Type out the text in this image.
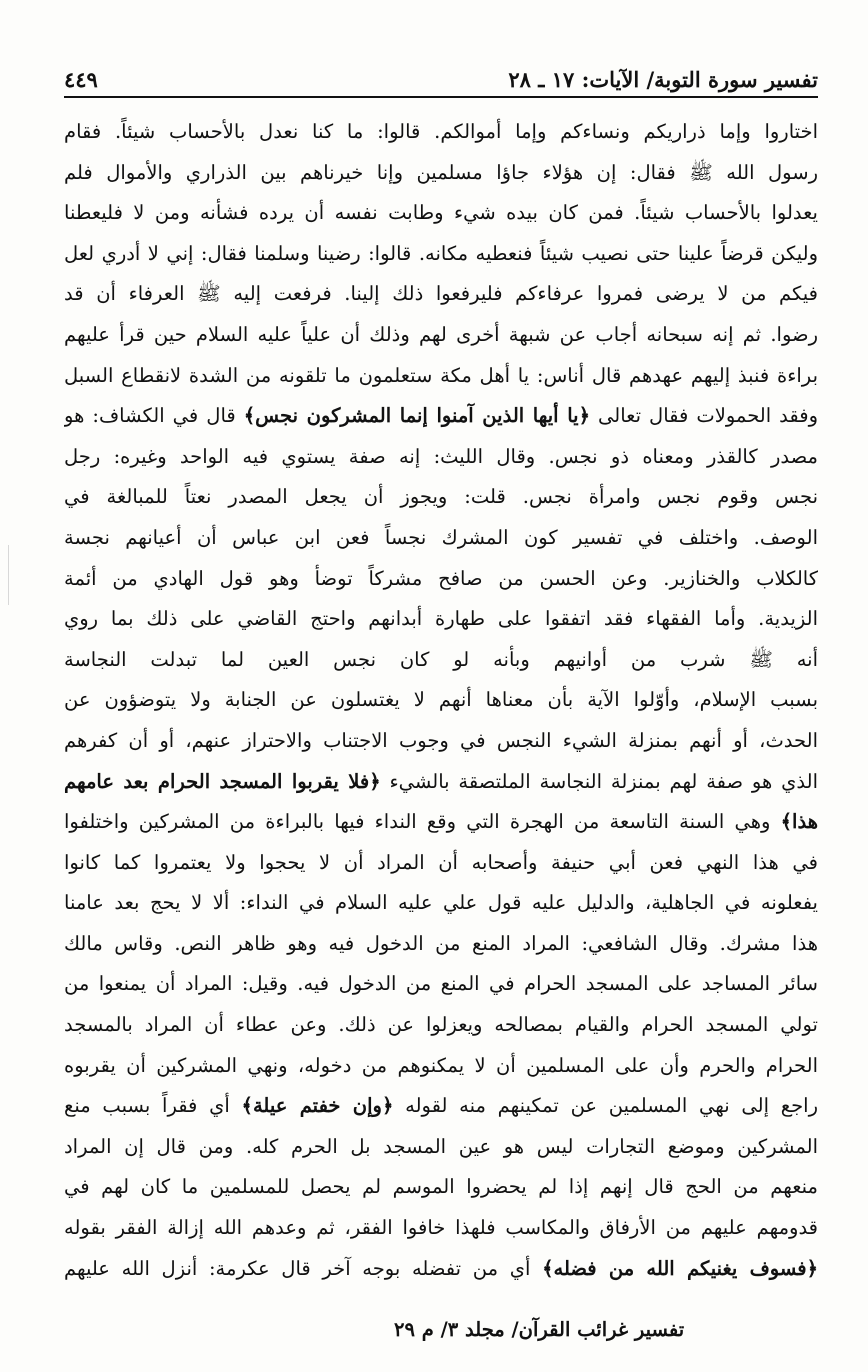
تفسير سورة التوبة/ الآيات: ١٧ ـ ٢٨
٤٤٩
اختاروا وإما ذراريكم ونساءكم وإما أموالكم. قالوا: ما كنا نعدل بالأحساب شيئاً. فقام
رسول الله ﷺ فقال: إن هؤلاء جاؤا مسلمين وإنا خيرناهم بين الذراري والأموال فلم
يعدلوا بالأحساب شيئاً. فمن كان بيده شيء وطابت نفسه أن يرده فشأنه ومن لا فليعطنا
وليكن قرضاً علينا حتى نصيب شيئاً فنعطيه مكانه. قالوا: رضينا وسلمنا فقال: إني لا أدري لعل
فيكم من لا يرضى فمروا عرفاءكم فليرفعوا ذلك إلينا. فرفعت إليه ﷺ العرفاء أن قد
رضوا. ثم إنه سبحانه أجاب عن شبهة أخرى لهم وذلك أن علياً عليه السلام حين قرأ عليهم
براءة فنبذ إليهم عهدهم قال أناس: يا أهل مكة ستعلمون ما تلقونه من الشدة لانقطاع السبل
وفقد الحمولات فقال تعالى ﴿يا أيها الذين آمنوا إنما المشركون نجس﴾ قال في الكشاف: هو
مصدر كالقذر ومعناه ذو نجس. وقال الليث: إنه صفة يستوي فيه الواحد وغيره: رجل
نجس وقوم نجس وامرأة نجس. قلت: ويجوز أن يجعل المصدر نعتاً للمبالغة في
الوصف. واختلف في تفسير كون المشرك نجساً فعن ابن عباس أن أعيانهم نجسة
كالكلاب والخنازير. وعن الحسن من صافح مشركاً توضأ وهو قول الهادي من أئمة
الزيدية. وأما الفقهاء فقد اتفقوا على طهارة أبدانهم واحتج القاضي على ذلك بما روي
أنه ﷺ شرب من أوانيهم وبأنه لو كان نجس العين لما تبدلت النجاسة
بسبب الإسلام، وأوّلوا الآية بأن معناها أنهم لا يغتسلون عن الجنابة ولا يتوضؤون عن
الحدث، أو أنهم بمنزلة الشيء النجس في وجوب الاجتناب والاحتراز عنهم، أو أن كفرهم
الذي هو صفة لهم بمنزلة النجاسة الملتصقة بالشيء ﴿فلا يقربوا المسجد الحرام بعد عامهم
هذا﴾ وهي السنة التاسعة من الهجرة التي وقع النداء فيها بالبراءة من المشركين واختلفوا
في هذا النهي فعن أبي حنيفة وأصحابه أن المراد أن لا يحجوا ولا يعتمروا كما كانوا
يفعلونه في الجاهلية، والدليل عليه قول علي عليه السلام في النداء: ألا لا يحج بعد عامنا
هذا مشرك. وقال الشافعي: المراد المنع من الدخول فيه وهو ظاهر النص. وقاس مالك
سائر المساجد على المسجد الحرام في المنع من الدخول فيه. وقيل: المراد أن يمنعوا من
تولي المسجد الحرام والقيام بمصالحه ويعزلوا عن ذلك. وعن عطاء أن المراد بالمسجد
الحرام والحرم وأن على المسلمين أن لا يمكنوهم من دخوله، ونهي المشركين أن يقربوه
راجع إلى نهي المسلمين عن تمكينهم منه لقوله ﴿وإن خفتم عيلة﴾ أي فقراً بسبب منع
المشركين وموضع التجارات ليس هو عين المسجد بل الحرم كله. ومن قال إن المراد
منعهم من الحج قال إنهم إذا لم يحضروا الموسم لم يحصل للمسلمين ما كان لهم في
قدومهم عليهم من الأرفاق والمكاسب فلهذا خافوا الفقر، ثم وعدهم الله إزالة الفقر بقوله
﴿فسوف يغنيكم الله من فضله﴾ أي من تفضله بوجه آخر قال عكرمة: أنزل الله عليهم
تفسير غرائب القرآن/ مجلد ٣/ م ٢٩
